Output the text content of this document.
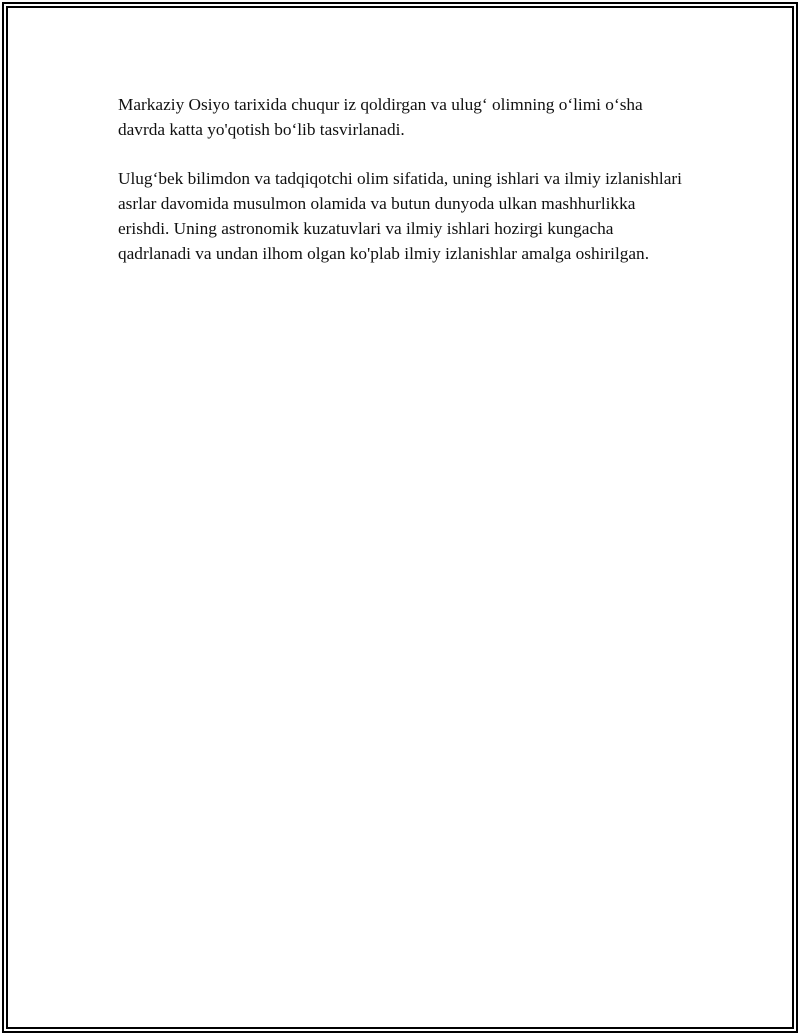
Markaziy Osiyo tarixida chuqur iz qoldirgan va ulugʻ olimning oʻlimi oʻsha davrda katta yo'qotish boʻlib tasvirlanadi.

Ulugʻbek bilimdon va tadqiqotchi olim sifatida, uning ishlari va ilmiy izlanishlari asrlar davomida musulmon olamida va butun dunyoda ulkan mashhurlikka erishdi. Uning astronomik kuzatuvlari va ilmiy ishlari hozirgi kungacha qadrlanadi va undan ilhom olgan ko'plab ilmiy izlanishlar amalga oshirilgan.
